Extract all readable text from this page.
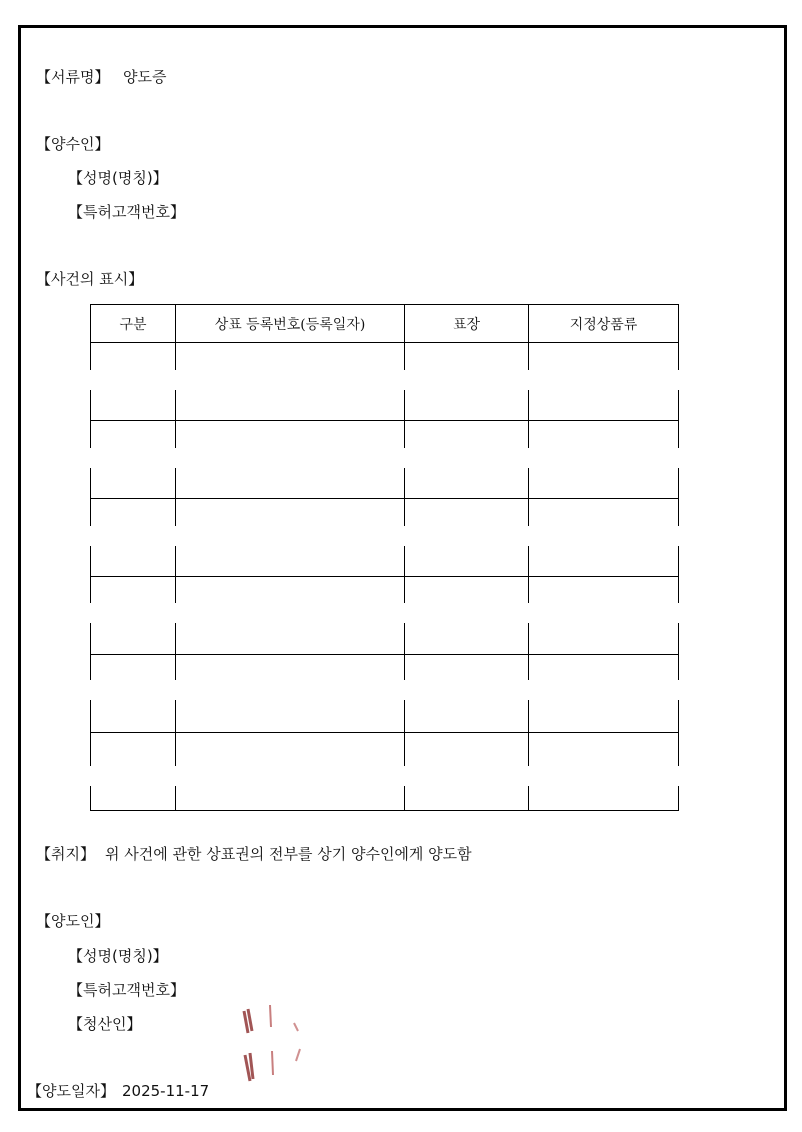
【서류명】 양도증
【양수인】
【성명(명칭)】
【특허고객번호】
【사건의 표시】
구분	상표 등록번호(등록일자)	표장	지정상품류

【취지】 위 사건에 관한 상표권의 전부를 상기 양수인에게 양도함
【양도인】
【성명(명칭)】
【특허고객번호】
【청산인】
【양도일자】 2025-11-17
